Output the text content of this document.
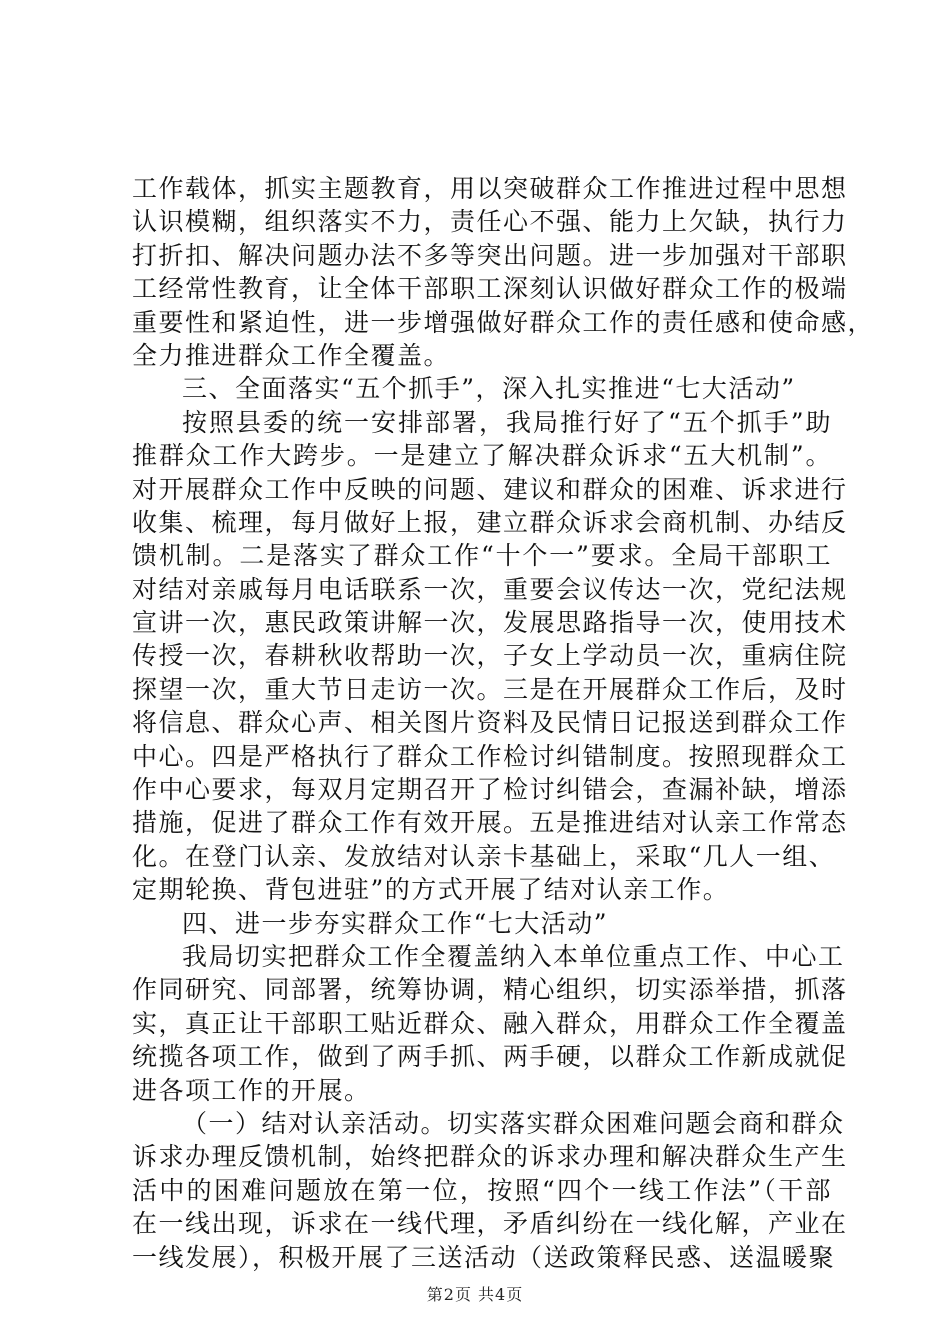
工作载体，抓实主题教育，用以突破群众工作推进过程中思想
认识模糊，组织落实不力，责任心不强、能力上欠缺，执行力
打折扣、解决问题办法不多等突出问题。进一步加强对干部职
工经常性教育，让全体干部职工深刻认识做好群众工作的极端
重要性和紧迫性，进一步增强做好群众工作的责任感和使命感，
全力推进群众工作全覆盖。
三、全面落实“五个抓手”，深入扎实推进“七大活动”
按照县委的统一安排部署，我局推行好了“五个抓手”助
推群众工作大跨步。一是建立了解决群众诉求“五大机制”。
对开展群众工作中反映的问题、建议和群众的困难、诉求进行
收集、梳理，每月做好上报，建立群众诉求会商机制、办结反
馈机制。二是落实了群众工作“十个一”要求。全局干部职工
对结对亲戚每月电话联系一次，重要会议传达一次，党纪法规
宣讲一次，惠民政策讲解一次，发展思路指导一次，使用技术
传授一次，春耕秋收帮助一次，子女上学动员一次，重病住院
探望一次，重大节日走访一次。三是在开展群众工作后，及时
将信息、群众心声、相关图片资料及民情日记报送到群众工作
中心。四是严格执行了群众工作检讨纠错制度。按照现群众工
作中心要求，每双月定期召开了检讨纠错会，查漏补缺，增添
措施，促进了群众工作有效开展。五是推进结对认亲工作常态
化。在登门认亲、发放结对认亲卡基础上，采取“几人一组、
定期轮换、背包进驻”的方式开展了结对认亲工作。
四、进一步夯实群众工作“七大活动”
我局切实把群众工作全覆盖纳入本单位重点工作、中心工
作同研究、同部署，统筹协调，精心组织，切实添举措，抓落
实，真正让干部职工贴近群众、融入群众，用群众工作全覆盖
统揽各项工作，做到了两手抓、两手硬，以群众工作新成就促
进各项工作的开展。
（一）结对认亲活动。切实落实群众困难问题会商和群众
诉求办理反馈机制，始终把群众的诉求办理和解决群众生产生
活中的困难问题放在第一位，按照“四个一线工作法”（干部
在一线出现，诉求在一线代理，矛盾纠纷在一线化解，产业在
一线发展），积极开展了三送活动（送政策释民惑、送温暖聚
第2页 共4页
